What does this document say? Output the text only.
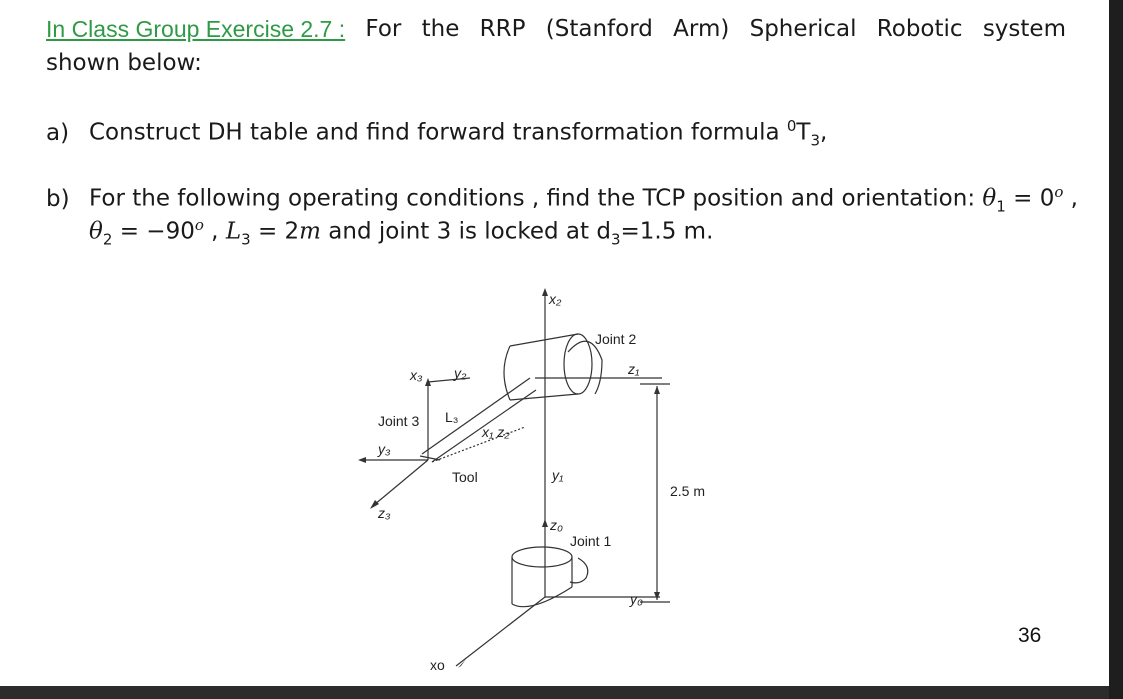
In Class Group Exercise 2.7 : For the RRP (Stanford Arm) Spherical Robotic system
shown below:
a) Construct DH table and find forward transformation formula $^0T_3$,
b) For the following operating conditions , find the TCP position and orientation: $\theta_1 = 0^o$ ,
$\theta_2 = -90^o$ , $L_3 = 2m$ and joint 3 is locked at $d_3=1.5$ m.
x₂
Joint 2
z₁
x₃ y₂
L₃
Joint 3
x₁ z₂
y₃
Tool	y₁
2.5 m
z₃
z₀
Joint 1
y₀
xo
36
